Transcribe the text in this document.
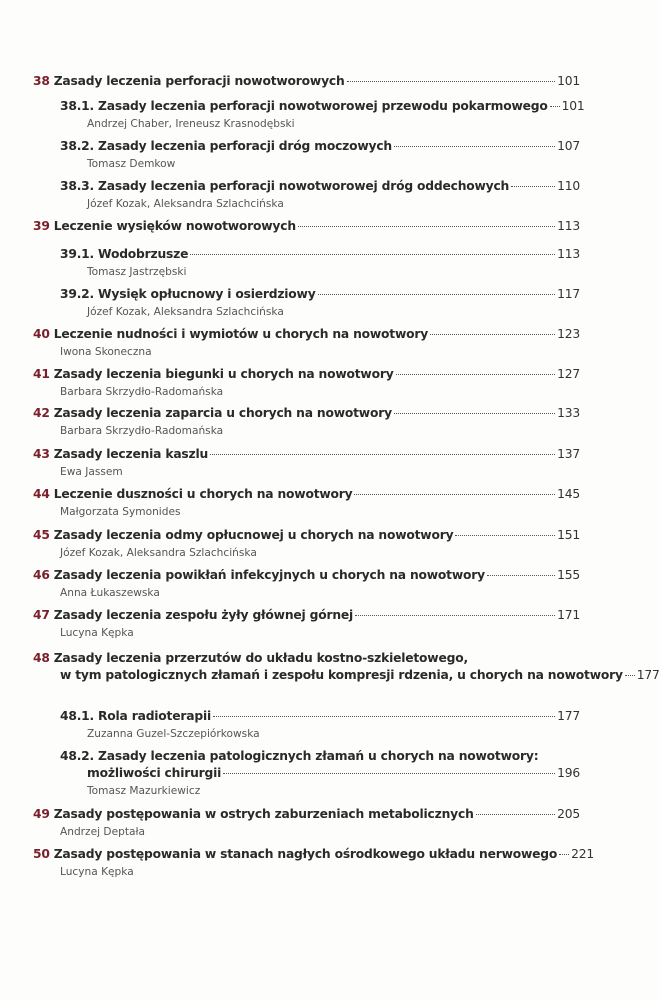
38 Zasady leczenia perforacji nowotworowych	101
38.1. Zasady leczenia perforacji nowotworowej przewodu pokarmowego 101
Andrzej Chaber, Ireneusz Krasnodębski
38.2. Zasady leczenia perforacji dróg moczowych	107
Tomasz Demkow
38.3. Zasady leczenia perforacji nowotworowej dróg oddechowych	110
Józef Kozak, Aleksandra Szlachcińska
39 Leczenie wysięków nowotworowych	113
39.1. Wodobrzusze	113
Tomasz Jastrzębski
39.2. Wysięk opłucnowy i osierdziowy	117
Józef Kozak, Aleksandra Szlachcińska
40 Leczenie nudności i wymiotów u chorych na nowotwory	123
Iwona Skoneczna
41 Zasady leczenia biegunki u chorych na nowotwory	127
Barbara Skrzydło-Radomańska
42 Zasady leczenia zaparcia u chorych na nowotwory	133
Barbara Skrzydło-Radomańska
43 Zasady leczenia kaszlu	137
Ewa Jassem
44 Leczenie duszności u chorych na nowotwory	145
Małgorzata Symonides
45 Zasady leczenia odmy opłucnowej u chorych na nowotwory	151
Józef Kozak, Aleksandra Szlachcińska
46 Zasady leczenia powikłań infekcyjnych u chorych na nowotwory	155
Anna Łukaszewska
47 Zasady leczenia zespołu żyły głównej górnej	171
Lucyna Kępka
48 Zasady leczenia przerzutów do układu kostno-szkieletowego,
w tym patologicznych złamań i zespołu kompresji rdzenia, u chorych na nowotwory 177
48.1. Rola radioterapii	177
Zuzanna Guzel-Szczepiórkowska
48.2. Zasady leczenia patologicznych złamań u chorych na nowotwory:
możliwości chirurgii	196
Tomasz Mazurkiewicz
49 Zasady postępowania w ostrych zaburzeniach metabolicznych	205
Andrzej Deptała
50 Zasady postępowania w stanach nagłych ośrodkowego układu nerwowego 221
Lucyna Kępka
